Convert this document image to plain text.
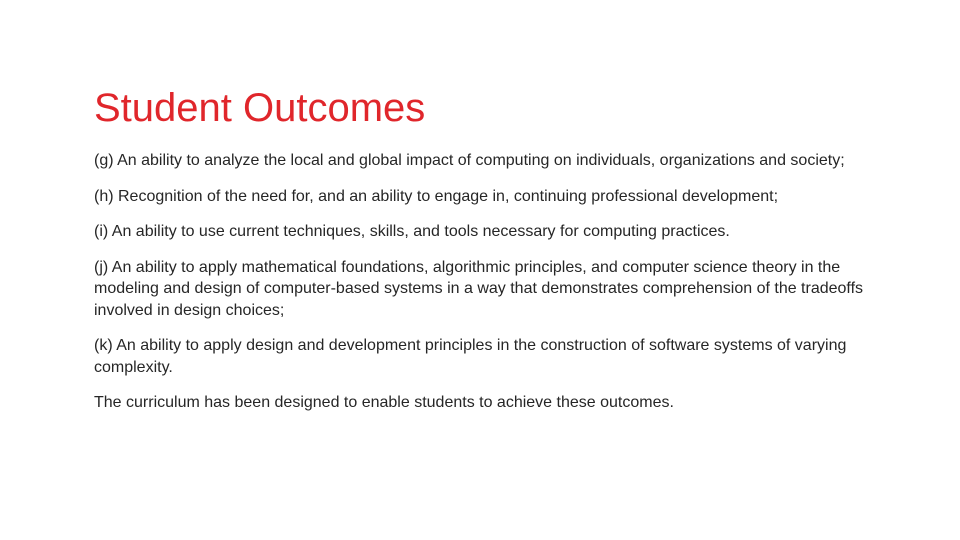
Student Outcomes

(g) An ability to analyze the local and global impact of computing on individuals, organizations and society;

(h) Recognition of the need for, and an ability to engage in, continuing professional development;

(i) An ability to use current techniques, skills, and tools necessary for computing practices.

(j) An ability to apply mathematical foundations, algorithmic principles, and computer science theory in the modeling and design of computer-based systems in a way that demonstrates comprehension of the tradeoffs involved in design choices;

(k) An ability to apply design and development principles in the construction of software systems of varying complexity.

The curriculum has been designed to enable students to achieve these outcomes.
